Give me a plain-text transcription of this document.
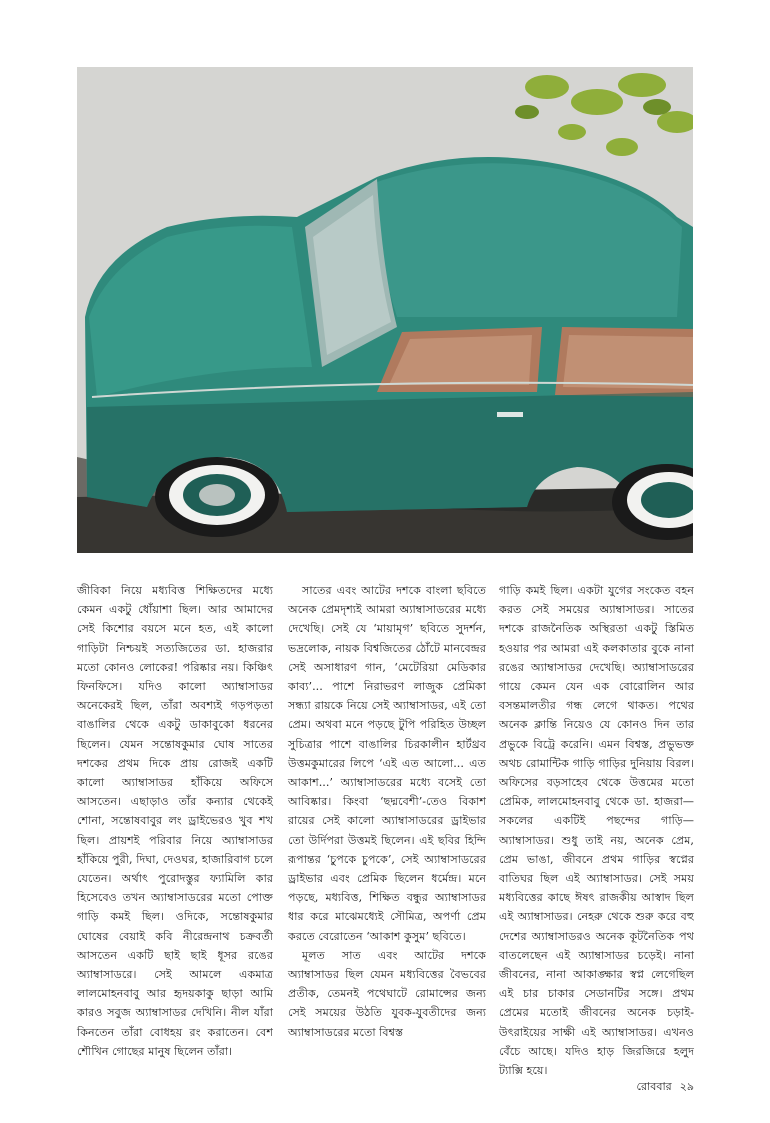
জীবিকা নিয়ে মধ্যবিত্ত শিক্ষিতদের মধ্যে কেমন একটু ধোঁয়াশা ছিল। আর আমাদের সেই কিশোর বয়সে মনে হত, এই কালো গাড়িটা নিশ্চয়ই সত্যজিতের ডা. হাজরার মতো কোনও লোকের! পরিষ্কার নয়। কিঞ্চিৎ ফিনফিসে। যদিও কালো অ্যাম্বাসাডর অনেকেরই ছিল, তাঁরা অবশ্যই গড়পড়তা বাঙালির থেকে একটু ডাকাবুকো ধরনের ছিলেন। যেমন সন্তোষকুমার ঘোষ সাতের দশকের প্রথম দিকে প্রায় রোজই একটি কালো অ্যাম্বাসাডর হাঁকিয়ে অফিসে আসতেন। এছাড়াও তাঁর কন্যার থেকেই শোনা, সন্তোষবাবুর লং ড্রাইভেরও খুব শখ ছিল। প্রায়শই পরিবার নিয়ে অ্যাম্বাসাডর হাঁকিয়ে পুরী, দিঘা, দেওঘর, হাজারিবাগ চলে যেতেন। অর্থাৎ পুরোদস্তুর ফ্যামিলি কার হিসেবেও তখন অ্যাম্বাসাডরের মতো পোক্ত গাড়ি কমই ছিল। ওদিকে, সন্তোষকুমার ঘোষের বেয়াই কবি নীরেন্দ্রনাথ চক্রবর্তী আসতেন একটি ছাই ছাই ধূসর রঙের অ্যাম্বাসাডরে। সেই আমলে একমাত্র লালমোহনবাবু আর হৃদয়কাকু ছাড়া আমি কারও সবুজ অ্যাম্বাসাডর দেখিনি। নীল যাঁরা কিনতেন তাঁরা বোধহয় রং করাতেন। বেশ শৌখিন গোছের মানুষ ছিলেন তাঁরা।

সাতের এবং আটের দশকে বাংলা ছবিতে অনেক প্রেমদৃশ্যই আমরা অ্যাম্বাসাডরের মধ্যে দেখেছি। সেই যে ‘মায়ামৃগ’ ছবিতে সুদর্শন, ভদ্রলোক, নায়ক বিশ্বজিতের ঠোঁটে মানবেন্দ্রর সেই অসাধারণ গান, ‘মেটেরিয়া মেডিকার কাব্য’... পাশে নিরাভরণ লাজুক প্রেমিকা সন্ধ্যা রায়কে নিয়ে সেই অ্যাম্বাসাডর, এই তো প্রেম। অথবা মনে পড়ছে টুপি পরিহিত উচ্ছল সুচিত্রার পাশে বাঙালির চিরকালীন হার্টথ্রব উত্তমকুমারের লিপে ‘এই এত আলো... এত আকাশ...’ অ্যাম্বাসাডরের মধ্যে বসেই তো আবিষ্কার। কিংবা ‘ছদ্মবেশী’-তেও বিকাশ রায়ের সেই কালো অ্যাম্বাসাডরের ড্রাইভার তো উর্দিপরা উত্তমই ছিলেন। এই ছবির হিন্দি রূপান্তর ‘চুপকে চুপকে’, সেই অ্যাম্বাসাডরের ড্রাইভার এবং প্রেমিক ছিলেন ধর্মেন্দ্র। মনে পড়ছে, মধ্যবিত্ত, শিক্ষিত বন্ধুর অ্যাম্বাসাডর ধার করে মাঝেমধ্যেই সৌমিত্র, অপর্ণা প্রেম করতে বেরোতেন ‘আকাশ কুসুম’ ছবিতে।

মূলত সাত এবং আটের দশকে অ্যাম্বাসাডর ছিল যেমন মধ্যবিত্তের বৈভবের প্রতীক, তেমনই পথেঘাটে রোমান্সের জন্য সেই সময়ের উঠতি যুবক-যুবতীদের জন্য অ্যাম্বাসাডরের মতো বিশ্বস্ত

গাড়ি কমই ছিল। একটা যুগের সংকেত বহন করত সেই সময়ের অ্যাম্বাসাডর। সাতের দশকে রাজনৈতিক অস্থিরতা একটু স্তিমিত হওয়ার পর আমরা এই কলকাতার বুকে নানা রঙের অ্যাম্বাসাডর দেখেছি। অ্যাম্বাসাডরের গায়ে কেমন যেন এক বোরোলিন আর বসন্তমালতীর গন্ধ লেগে থাকত। পথের অনেক ক্লান্তি নিয়েও যে কোনও দিন তার প্রভুকে বিট্রে করেনি। এমন বিশ্বস্ত, প্রভুভক্ত অথচ রোমান্টিক গাড়ি গাড়ির দুনিয়ায় বিরল। অফিসের বড়সাহেব থেকে উত্তমের মতো প্রেমিক, লালমোহনবাবু থেকে ডা. হাজরা— সকলের একটিই পছন্দের গাড়ি— অ্যাম্বাসাডর। শুধু তাই নয়, অনেক প্রেম, প্রেম ভাঙা, জীবনে প্রথম গাড়ির স্বপ্নের বাতিঘর ছিল এই অ্যাম্বাসাডর। সেই সময় মধ্যবিত্তের কাছে ঈষৎ রাজকীয় আস্বাদ ছিল এই অ্যাম্বাসাডর। নেহরু থেকে শুরু করে বহু দেশের অ্যাম্বাসাডরও অনেক কূটনৈতিক পথ বাতলেছেন এই অ্যাম্বাসাডর চড়েই। নানা জীবনের, নানা আকাঙ্ক্ষার স্বপ্ন লেগেছিল এই চার চাকার সেডানটির সঙ্গে। প্রথম প্রেমের মতোই জীবনের অনেক চড়াই-উৎরাইয়ের সাক্ষী এই অ্যাম্বাসাডর। এখনও বেঁচে আছে। যদিও হাড় জিরজিরে হলুদ ট্যাক্সি হয়ে।

রোববার ২৯
